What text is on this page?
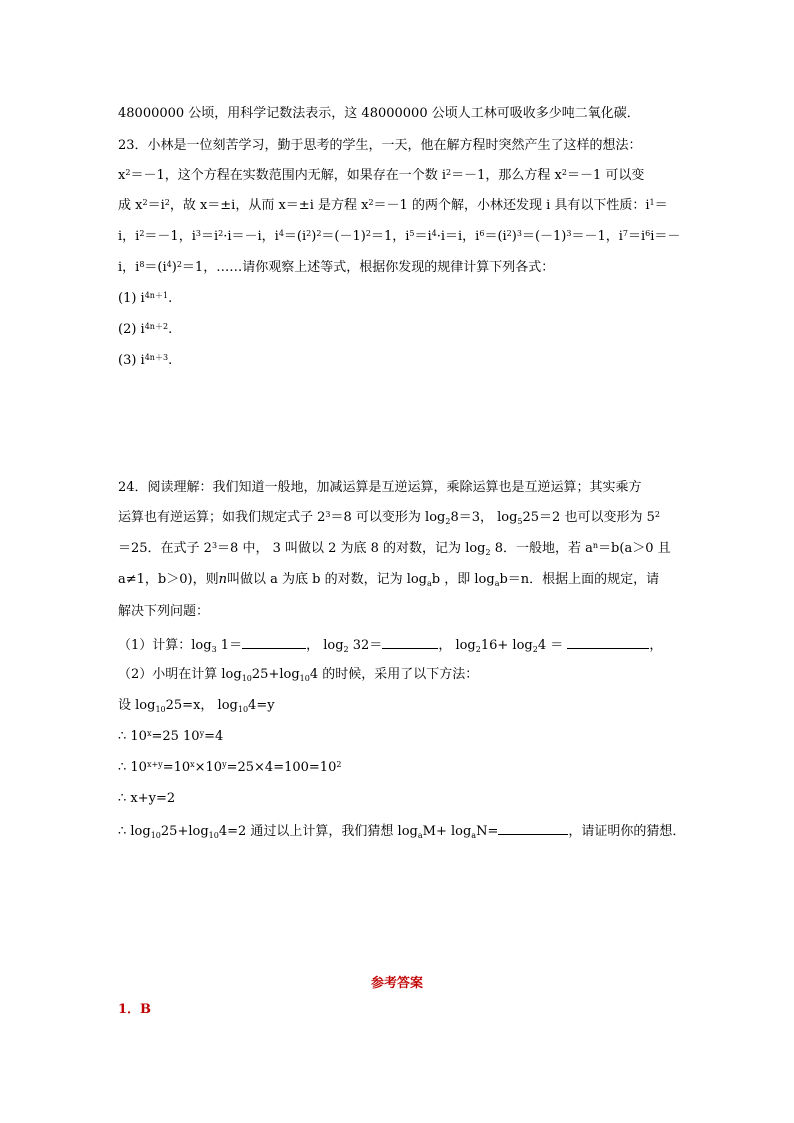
48000000 公顷，用科学记数法表示，这 48000000 公顷人工林可吸收多少吨二氧化碳．
23．小林是一位刻苦学习，勤于思考的学生，一天，他在解方程时突然产生了这样的想法：
$x^2=-1$，这个方程在实数范围内无解，如果存在一个数 $i^2=-1$，那么方程 $x^2=-1$ 可以变
成 $x^2=i^2$，故 x＝±i，从而 x＝±i 是方程 $x^2=-1$ 的两个解，小林还发现 i 具有以下性质：$i^1=$
i，$i^2=-1$，$i^3=i^2\cdot i=-i$，$i^4=(i^2)^2=(-1)^2=1$，$i^5=i^4\cdot i=i$，$i^6=(i^2)^3=(-1)^3=-1$，$i^7=i^6i=-$
i，$i^8=(i^4)^2=1$，……请你观察上述等式，根据你发现的规律计算下列各式：
(1) $i^{4n+1}$.
(2) $i^{4n+2}$.
(3) $i^{4n+3}$.
24．阅读理解：我们知道一般地，加减运算是互逆运算，乘除运算也是互逆运算；其实乘方
运算也有逆运算；如我们规定式子 $2^3=8$ 可以变形为 $\log_28=3$， $\log_525=2$ 也可以变形为 $5^2$
＝25．在式子 $2^3=8$ 中， 3 叫做以 2 为底 8 的对数，记为 $\log_2 8$．一般地，若 $a^n=b(a>0$ 且
a≠1，b＞0)，则n叫做以 a 为底 b 的对数，记为 $\log_ab$ ，即 $\log_ab=n$．根据上面的规定，请
解决下列问题：
（1）计算：$\log_3 1=$	， $\log_2 32=$	， $\log_216+ \log_24$ ＝	，
（2）小明在计算 $\log_{10}25+\log_{10}4$ 的时候，采用了以下方法：
设 $\log_{10}25=x$， $\log_{10}4=y$
∴ $10^x=25$ $10^y=4$
∴ $10^{x+y}=10^x\times 10^y=25\times 4=100=10^2$
∴ x+y=2
∴ $\log_{10}25+\log_{10}4=2$ 通过以上计算，我们猜想 $\log_aM+ \log_aN=$	，请证明你的猜想．
参考答案
1．B
